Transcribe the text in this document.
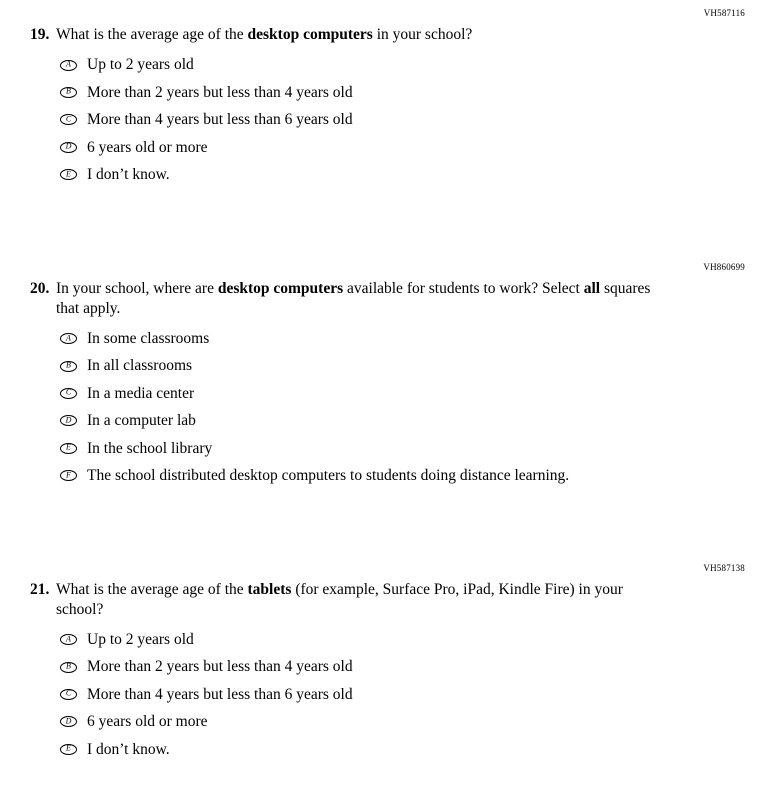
VH587116
19. What is the average age of the desktop computers in your school?
A Up to 2 years old
B More than 2 years but less than 4 years old
C More than 4 years but less than 6 years old
D 6 years old or more
E I don’t know.
VH860699
20. In your school, where are desktop computers available for students to work? Select all squares that apply.
A In some classrooms
B In all classrooms
C In a media center
D In a computer lab
E In the school library
F The school distributed desktop computers to students doing distance learning.
VH587138
21. What is the average age of the tablets (for example, Surface Pro, iPad, Kindle Fire) in your school?
A Up to 2 years old
B More than 2 years but less than 4 years old
C More than 4 years but less than 6 years old
D 6 years old or more
E I don’t know.
